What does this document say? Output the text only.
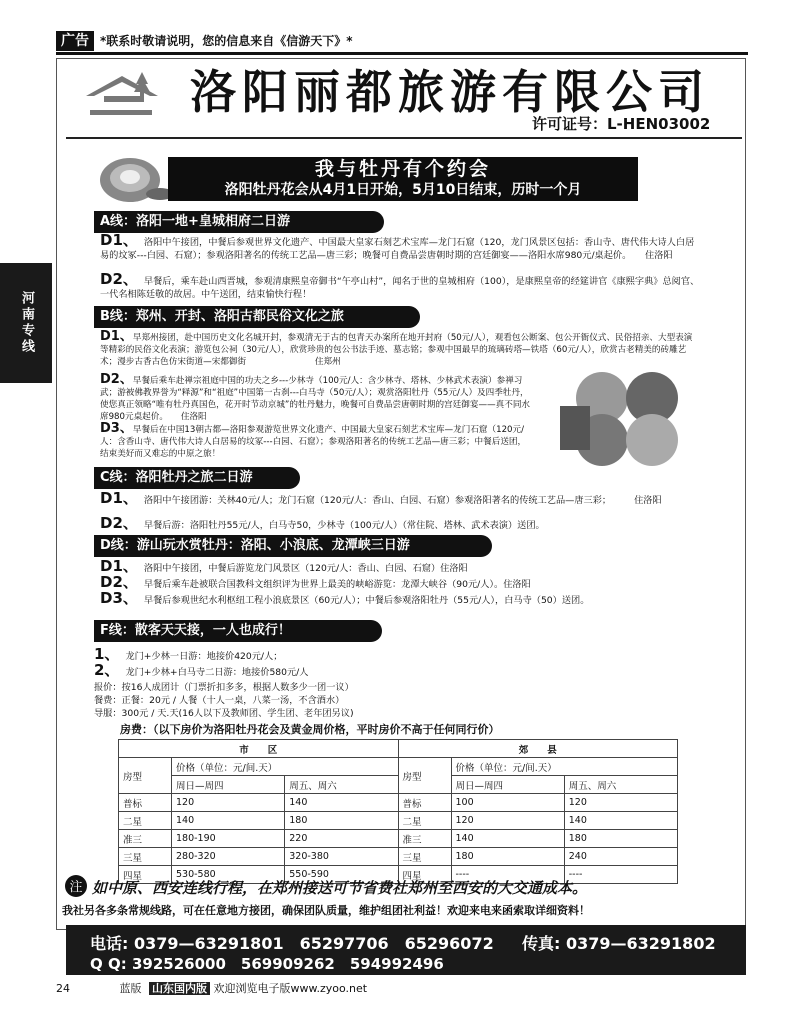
广告 *联系时敬请说明，您的信息来自《信游天下》*
洛阳丽都旅游有限公司
许可证号：L-HEN03002
河南专线
我与牡丹有个约会
洛阳牡丹花会从4月1日开始，5月10日结束，历时一个月
A线：洛阳一地+皇城相府二日游
D1、 洛阳中午接团，中餐后参观世界文化遗产、中国最大皇家石刻艺术宝库—龙门石窟（120，龙门风景区包括：香山寺、唐代伟大诗人白居易的坟冢---白园、石窟）；参观洛阳著名的传统工艺品—唐三彩；晚餐可自费品尝唐朝时期的宫廷御宴——洛阳水席980元/桌起价。　　住洛阳
D2、 早餐后，乘车赴山西晋城，参观清康熙皇帝御书“午亭山村”，闻名于世的皇城相府（100），是康熙皇帝的经筵讲官《康熙字典》总阅官、一代名相陈廷敬的故居。中午送团，结束愉快行程！
B线：郑州、开封、洛阳古都民俗文化之旅
D1、早郑州接团，赴中国历史文化名城开封，参观清无于古的包青天办案所在地开封府（50元/人），观看包公断案、包公开衙仪式、民俗招亲、大型表演等精彩的民俗文化表演；游览包公祠（30元/人），欣赏珍贵的包公书法手迹、墓志铭；参观中国最早的琉璃砖塔—铁塔（60元/人），欣赏古老精美的砖雕艺术；漫步古香古色仿宋街道—宋都御街　　　　　　　　住郑州
D2、早餐后乘车赴禅宗祖庭中国的功夫之乡---少林寺（100元/人：含少林寺、塔林、少林武术表演）参禅习武；游被佛教界誉为“释源”和“祖庭”中国第一古刹---白马寺（50元/人）；观赏洛阳牡丹（55元/人）及四季牡丹，使您真正领略“唯有牡丹真国色，花开时节动京城”的牡丹魅力，晚餐可自费品尝唐朝时期的宫廷御宴——真不同水席980元桌起价。　　住洛阳
D3、早餐后在中国13朝古都—洛阳参观游览世界文化遗产、中国最大皇家石刻艺术宝库—龙门石窟（120元/人：含香山寺、唐代伟大诗人白居易的坟冢---白园、石窟）；参观洛阳著名的传统工艺品—唐三彩；中餐后送团，结束美好而又难忘的中原之旅！
C线：洛阳牡丹之旅二日游
D1、 洛阳中午接团游：关林40元/人；龙门石窟（120元/人：香山、白园、石窟）参观洛阳著名的传统工艺品—唐三彩；　　　住洛阳
D2、 早餐后游：洛阳牡丹55元/人，白马寺50，少林寺（100元/人）（常住院、塔林、武术表演）送团。
D线：游山玩水赏牡丹：洛阳、小浪底、龙潭峡三日游
D1、 洛阳中午接团，中餐后游览龙门风景区（120元/人：香山、白园、石窟）住洛阳
D2、 早餐后乘车赴被联合国教科文组织评为世界上最美的峡峪游览：龙潭大峡谷（90元/人）。住洛阳
D3、 早餐后参观世纪水利枢纽工程小浪底景区（60元/人）；中餐后参观洛阳牡丹（55元/人），白马寺（50）送团。
F线：散客天天接，一人也成行！
1、 龙门+少林一日游：地接价420元/人；
2、 龙门+少林+白马寺二日游：地接价580元/人
报价：按16人成团计（门票折扣多多，根据人数多少一团一议）
餐费：正餐：20元 / 人餐（十人一桌，八菜一汤，不含酒水）
导服：300元 / 天.天(16人以下及教师团、学生团、老年团另议)
房费：（以下房价为洛阳牡丹花会及黄金周价格，平时房价不高于任何同行价）
市　　区			郊　　县		
房型	价格（单位：元/间.天）		房型	价格（单位：元/间.天）	
	周日—周四	周五、周六		周日—周四	周五、周六
普标	120	140	普标	100	120
二星	140	180	二星	120	140
准三	180-190	220	准三	140	180
三星	280-320	320-380	三星	180	240
四星	530-580	550-590	四星	----	----
注 如中原、西安连线行程，在郑州接送可节省费社郑州至西安的大交通成本。
我社另各多条常规线路，可在任意地方接团，确保团队质量，维护组团社利益！欢迎来电来函索取详细资料！
电话: 0379—63291801　65297706　65296072 传真: 0379—63291802
Q Q: 392526000　569909262　594992496
24	蓝版 山东国内版 欢迎浏览电子版www.zyoo.net
